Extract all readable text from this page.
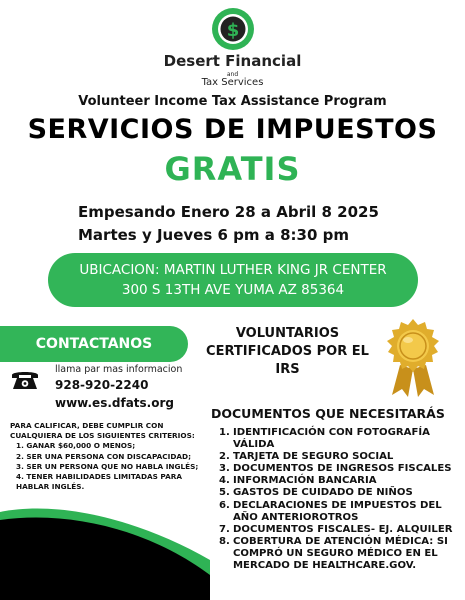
$
Desert Financial
and
Tax Services
Volunteer Income Tax Assistance Program
SERVICIOS DE IMPUESTOS
GRATIS
Empesando Enero 28 a Abril 8 2025
Martes y Jueves 6 pm a 8:30 pm
UBICACION: MARTIN LUTHER KING JR CENTER
300 S 13TH AVE YUMA AZ 85364
CONTACTANOS
llama par mas informacion
928-920-2240
www.es.dfats.org
PARA CALIFICAR, DEBE CUMPLIR CON CUALQUIERA DE LOS SIGUIENTES CRITERIOS:
1. GANAR $60,000 O MENOS;
2. SER UNA PERSONA CON DISCAPACIDAD;
3. SER UN PERSONA QUE NO HABLA INGLÉS;
4. TENER HABILIDADES LIMITADAS PARA HABLAR INGLÉS.
VOLUNTARIOS CERTIFICADOS POR EL IRS
DOCUMENTOS QUE NECESITARÁS
1. IDENTIFICACIÓN CON FOTOGRAFÍA VÁLIDA
2. TARJETA DE SEGURO SOCIAL
3. DOCUMENTOS DE INGRESOS FISCALES
4. INFORMACIÓN BANCARIA
5. GASTOS DE CUIDADO DE NIÑOS
6. DECLARACIONES DE IMPUESTOS DEL AÑO ANTERIOROTROS
7. DOCUMENTOS FISCALES- EJ. ALQUILER
8. COBERTURA DE ATENCIÓN MÉDICA: SI COMPRÓ UN SEGURO MÉDICO EN EL MERCADO DE HEALTHCARE.GOV.
